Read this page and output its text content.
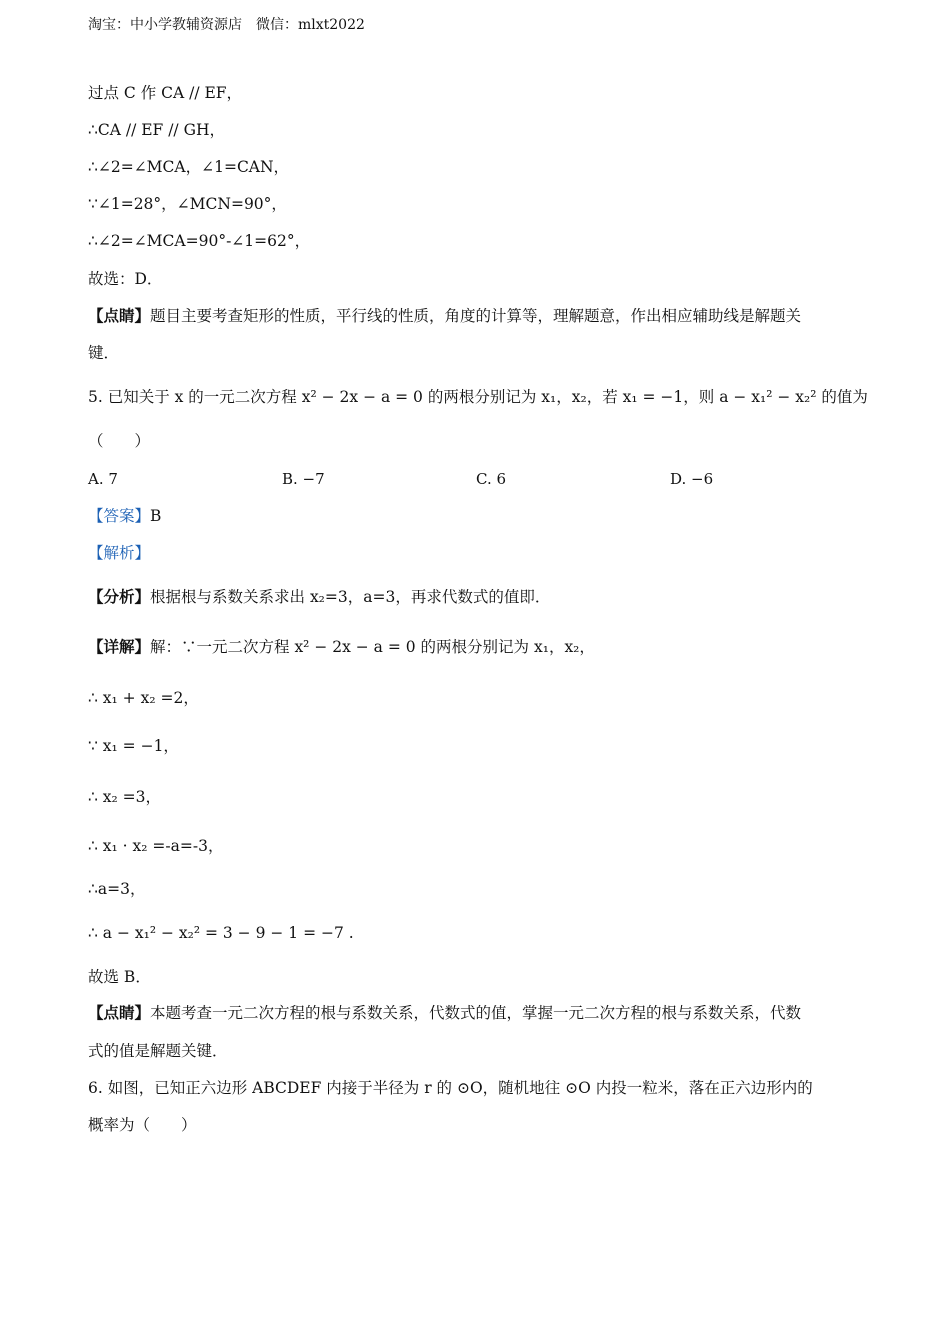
淘宝：中小学教辅资源店　微信：mlxt2022
过点 C 作 CA // EF，
∴CA // EF // GH，
∴∠2=∠MCA，∠1=CAN，
∵∠1=28°，∠MCN=90°，
∴∠2=∠MCA=90°-∠1=62°，
故选：D．
【点睛】题目主要考查矩形的性质，平行线的性质，角度的计算等，理解题意，作出相应辅助线是解题关
键．
5. 已知关于 x 的一元二次方程 x² − 2x − a = 0 的两根分别记为 x₁，x₂，若 x₁ = −1，则 a − x₁² − x₂² 的值为
（　　）
A. 7	B. −7	C. 6	D. −6
【答案】B
【解析】
【分析】根据根与系数关系求出 x₂=3，a=3，再求代数式的值即．
【详解】解：∵一元二次方程 x² − 2x − a = 0 的两根分别记为 x₁，x₂，
∴ x₁ + x₂ =2，
∵ x₁ = −1，
∴ x₂ =3，
∴ x₁ · x₂ =-a=-3，
∴a=3，
∴ a − x₁² − x₂² = 3 − 9 − 1 = −7 .
故选 B．
【点睛】本题考查一元二次方程的根与系数关系，代数式的值，掌握一元二次方程的根与系数关系，代数
式的值是解题关键．
6. 如图，已知正六边形 ABCDEF 内接于半径为 r 的 ⊙O，随机地往 ⊙O 内投一粒米，落在正六边形内的
概率为（　　）
